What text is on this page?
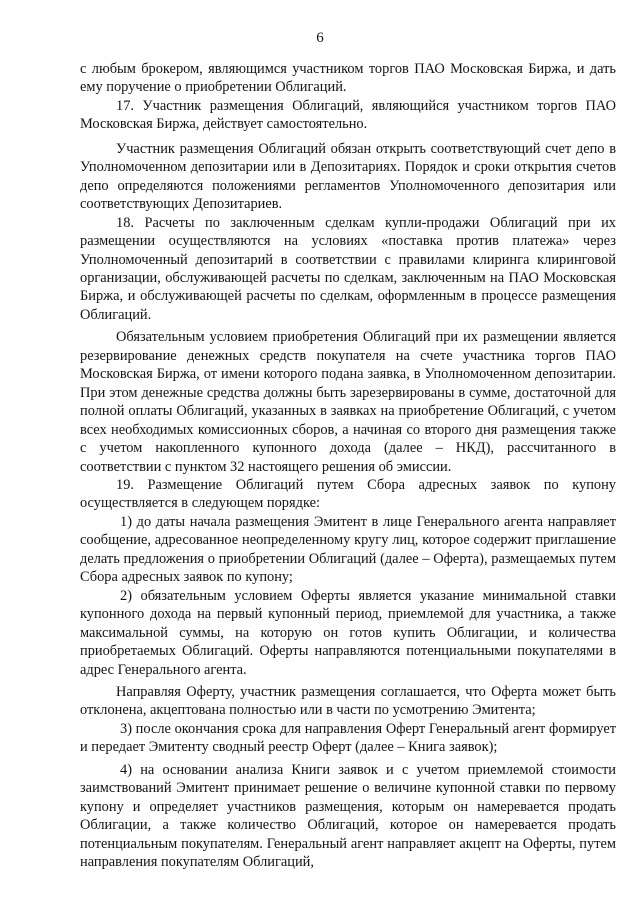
6

с любым брокером, являющимся участником торгов ПАО Московская Биржа, и дать ему поручение о приобретении Облигаций.

17. Участник размещения Облигаций, являющийся участником торгов ПАО Московская Биржа, действует самостоятельно.

Участник размещения Облигаций обязан открыть соответствующий счет депо в Уполномоченном депозитарии или в Депозитариях. Порядок и сроки открытия счетов депо определяются положениями регламентов Уполномоченного депозитария или соответствующих Депозитариев.

18. Расчеты по заключенным сделкам купли-продажи Облигаций при их размещении осуществляются на условиях «поставка против платежа» через Уполномоченный депозитарий в соответствии с правилами клиринга клиринговой организации, обслуживающей расчеты по сделкам, заключенным на ПАО Московская Биржа, и обслуживающей расчеты по сделкам, оформленным в процессе размещения Облигаций.

Обязательным условием приобретения Облигаций при их размещении является резервирование денежных средств покупателя на счете участника торгов ПАО Московская Биржа, от имени которого подана заявка, в Уполномоченном депозитарии. При этом денежные средства должны быть зарезервированы в сумме, достаточной для полной оплаты Облигаций, указанных в заявках на приобретение Облигаций, с учетом всех необходимых комиссионных сборов, а начиная со второго дня размещения также с учетом накопленного купонного дохода (далее – НКД), рассчитанного в соответствии с пунктом 32 настоящего решения об эмиссии.

19. Размещение Облигаций путем Сбора адресных заявок по купону осуществляется в следующем порядке:

1) до даты начала размещения Эмитент в лице Генерального агента направляет сообщение, адресованное неопределенному кругу лиц, которое содержит приглашение делать предложения о приобретении Облигаций (далее – Оферта), размещаемых путем Сбора адресных заявок по купону;

2) обязательным условием Оферты является указание минимальной ставки купонного дохода на первый купонный период, приемлемой для участника, а также максимальной суммы, на которую он готов купить Облигации, и количества приобретаемых Облигаций. Оферты направляются потенциальными покупателями в адрес Генерального агента.

Направляя Оферту, участник размещения соглашается, что Оферта может быть отклонена, акцептована полностью или в части по усмотрению Эмитента;

3) после окончания срока для направления Оферт Генеральный агент формирует и передает Эмитенту сводный реестр Оферт (далее – Книга заявок);

4) на основании анализа Книги заявок и с учетом приемлемой стоимости заимствований Эмитент принимает решение о величине купонной ставки по первому купону и определяет участников размещения, которым он намеревается продать Облигации, а также количество Облигаций, которое он намеревается продать потенциальным покупателям. Генеральный агент направляет акцепт на Оферты, путем направления покупателям Облигаций,
